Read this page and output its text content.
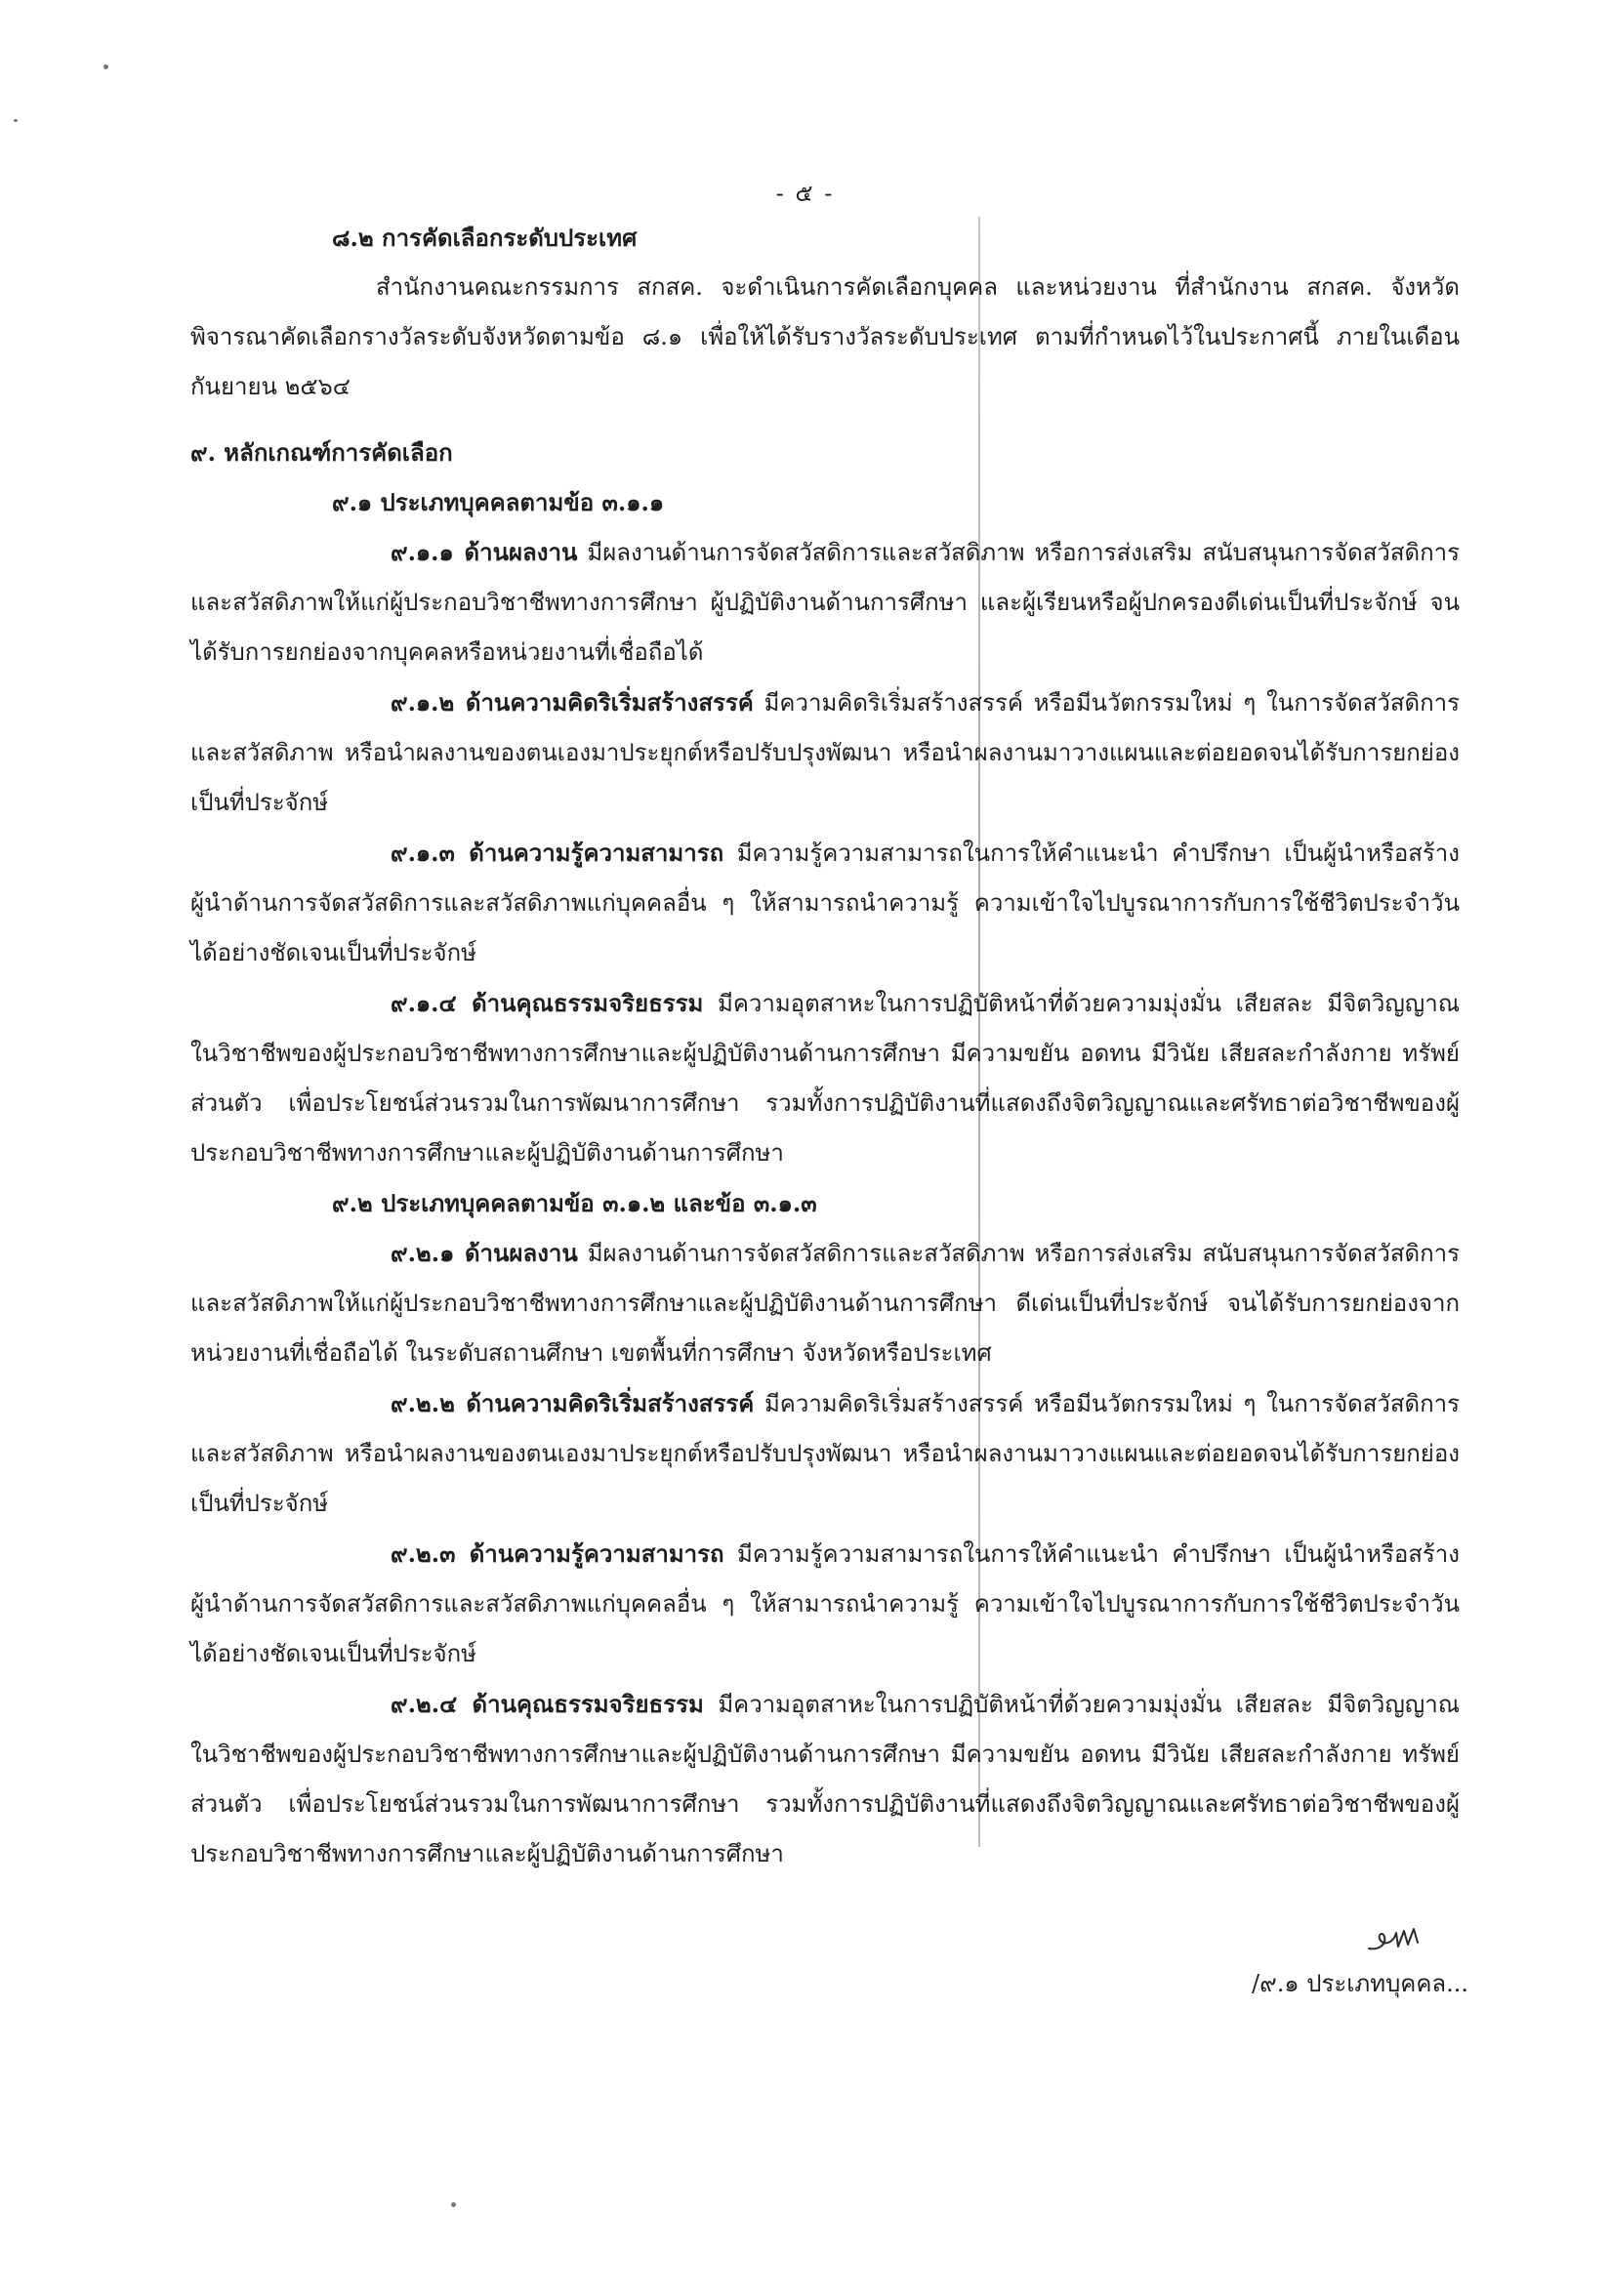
- ๕ -

๘.๒ การคัดเลือกระดับประเทศ

สำนักงานคณะกรรมการ สกสค. จะดำเนินการคัดเลือกบุคคล และหน่วยงาน ที่สำนักงาน สกสค. จังหวัด พิจารณาคัดเลือกรางวัลระดับจังหวัดตามข้อ ๘.๑ เพื่อให้ได้รับรางวัลระดับประเทศ ตามที่กำหนดไว้ในประกาศนี้ ภายในเดือนกันยายน ๒๕๖๔

๙. หลักเกณฑ์การคัดเลือก

๙.๑ ประเภทบุคคลตามข้อ ๓.๑.๑

๙.๑.๑ ด้านผลงาน มีผลงานด้านการจัดสวัสดิการและสวัสดิภาพ หรือการส่งเสริม สนับสนุนการจัดสวัสดิการและสวัสดิภาพให้แก่ผู้ประกอบวิชาชีพทางการศึกษา ผู้ปฏิบัติงานด้านการศึกษา และผู้เรียนหรือผู้ปกครองดีเด่นเป็นที่ประจักษ์ จนได้รับการยกย่องจากบุคคลหรือหน่วยงานที่เชื่อถือได้

๙.๑.๒ ด้านความคิดริเริ่มสร้างสรรค์ มีความคิดริเริ่มสร้างสรรค์ หรือมีนวัตกรรมใหม่ ๆ ในการจัดสวัสดิการและสวัสดิภาพ หรือนำผลงานของตนเองมาประยุกต์หรือปรับปรุงพัฒนา หรือนำผลงานมาวางแผนและต่อยอดจนได้รับการยกย่องเป็นที่ประจักษ์

๙.๑.๓ ด้านความรู้ความสามารถ มีความรู้ความสามารถในการให้คำแนะนำ คำปรึกษา เป็นผู้นำหรือสร้างผู้นำด้านการจัดสวัสดิการและสวัสดิภาพแก่บุคคลอื่น ๆ ให้สามารถนำความรู้ ความเข้าใจไปบูรณาการกับการใช้ชีวิตประจำวันได้อย่างชัดเจนเป็นที่ประจักษ์

๙.๑.๔ ด้านคุณธรรมจริยธรรม มีความอุตสาหะในการปฏิบัติหน้าที่ด้วยความมุ่งมั่น เสียสละ มีจิตวิญญาณในวิชาชีพของผู้ประกอบวิชาชีพทางการศึกษาและผู้ปฏิบัติงานด้านการศึกษา มีความขยัน อดทน มีวินัย เสียสละกำลังกาย ทรัพย์ส่วนตัว เพื่อประโยชน์ส่วนรวมในการพัฒนาการศึกษา รวมทั้งการปฏิบัติงานที่แสดงถึงจิตวิญญาณและศรัทธาต่อวิชาชีพของผู้ประกอบวิชาชีพทางการศึกษาและผู้ปฏิบัติงานด้านการศึกษา

๙.๒ ประเภทบุคคลตามข้อ ๓.๑.๒ และข้อ ๓.๑.๓

๙.๒.๑ ด้านผลงาน มีผลงานด้านการจัดสวัสดิการและสวัสดิภาพ หรือการส่งเสริม สนับสนุนการจัดสวัสดิการและสวัสดิภาพให้แก่ผู้ประกอบวิชาชีพทางการศึกษาและผู้ปฏิบัติงานด้านการศึกษา ดีเด่นเป็นที่ประจักษ์ จนได้รับการยกย่องจากหน่วยงานที่เชื่อถือได้ ในระดับสถานศึกษา เขตพื้นที่การศึกษา จังหวัดหรือประเทศ

๙.๒.๒ ด้านความคิดริเริ่มสร้างสรรค์ มีความคิดริเริ่มสร้างสรรค์ หรือมีนวัตกรรมใหม่ ๆ ในการจัดสวัสดิการและสวัสดิภาพ หรือนำผลงานของตนเองมาประยุกต์หรือปรับปรุงพัฒนา หรือนำผลงานมาวางแผนและต่อยอดจนได้รับการยกย่องเป็นที่ประจักษ์

๙.๒.๓ ด้านความรู้ความสามารถ มีความรู้ความสามารถในการให้คำแนะนำ คำปรึกษา เป็นผู้นำหรือสร้างผู้นำด้านการจัดสวัสดิการและสวัสดิภาพแก่บุคคลอื่น ๆ ให้สามารถนำความรู้ ความเข้าใจไปบูรณาการกับการใช้ชีวิตประจำวันได้อย่างชัดเจนเป็นที่ประจักษ์

๙.๒.๔ ด้านคุณธรรมจริยธรรม มีความอุตสาหะในการปฏิบัติหน้าที่ด้วยความมุ่งมั่น เสียสละ มีจิตวิญญาณในวิชาชีพของผู้ประกอบวิชาชีพทางการศึกษาและผู้ปฏิบัติงานด้านการศึกษา มีความขยัน อดทน มีวินัย เสียสละกำลังกาย ทรัพย์ส่วนตัว เพื่อประโยชน์ส่วนรวมในการพัฒนาการศึกษา รวมทั้งการปฏิบัติงานที่แสดงถึงจิตวิญญาณและศรัทธาต่อวิชาชีพของผู้ประกอบวิชาชีพทางการศึกษาและผู้ปฏิบัติงานด้านการศึกษา

/๙.๑ ประเภทบุคคล...
